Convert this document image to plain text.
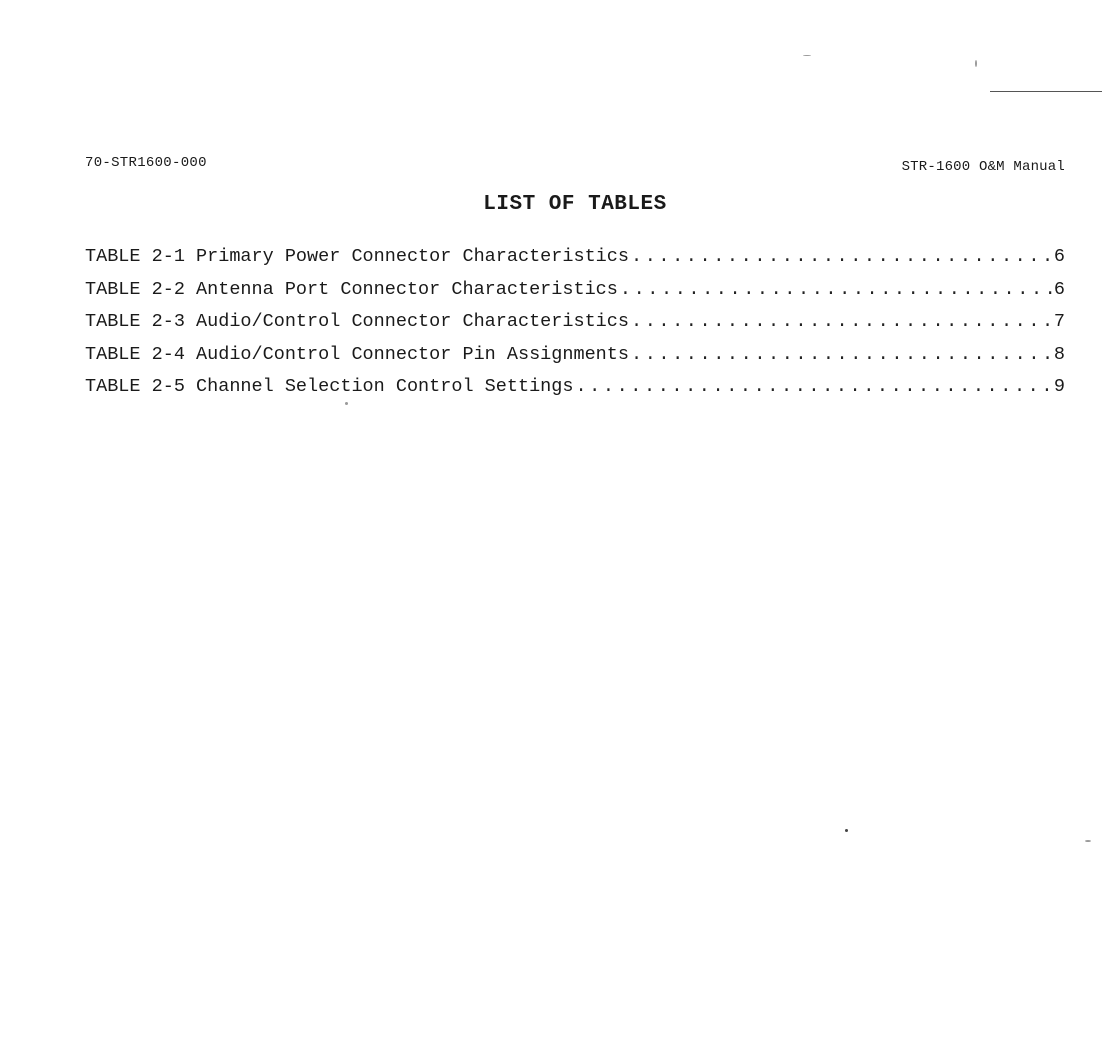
70-STR1600-000	STR-1600 O&M Manual
LIST OF TABLES
TABLE 2-1 Primary Power Connector Characteristics .....	6
TABLE 2-2 Antenna Port Connector Characteristics .....	6
TABLE 2-3 Audio/Control Connector Characteristics .....	7
TABLE 2-4 Audio/Control Connector Pin Assignments .....	8
TABLE 2-5 Channel Selection Control Settings .....	9
